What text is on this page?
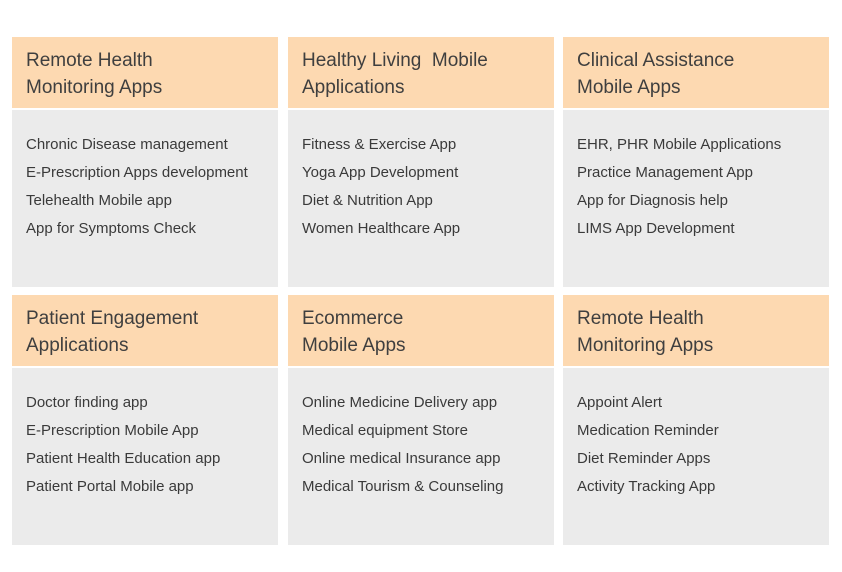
Remote Health
Monitoring Apps
Chronic Disease management
E-Prescription Apps development
Telehealth Mobile app
App for Symptoms Check
Healthy Living  Mobile
Applications
Fitness & Exercise App
Yoga App Development
Diet & Nutrition App
Women Healthcare App
Clinical Assistance
Mobile Apps
EHR, PHR Mobile Applications
Practice Management App
App for Diagnosis help
LIMS App Development
Patient Engagement
Applications
Doctor finding app
E-Prescription Mobile App
Patient Health Education app
Patient Portal Mobile app
Ecommerce
Mobile Apps
Online Medicine Delivery app
Medical equipment Store
Online medical Insurance app
Medical Tourism & Counseling
Remote Health
Monitoring Apps
Appoint Alert
Medication Reminder
Diet Reminder Apps
Activity Tracking App
